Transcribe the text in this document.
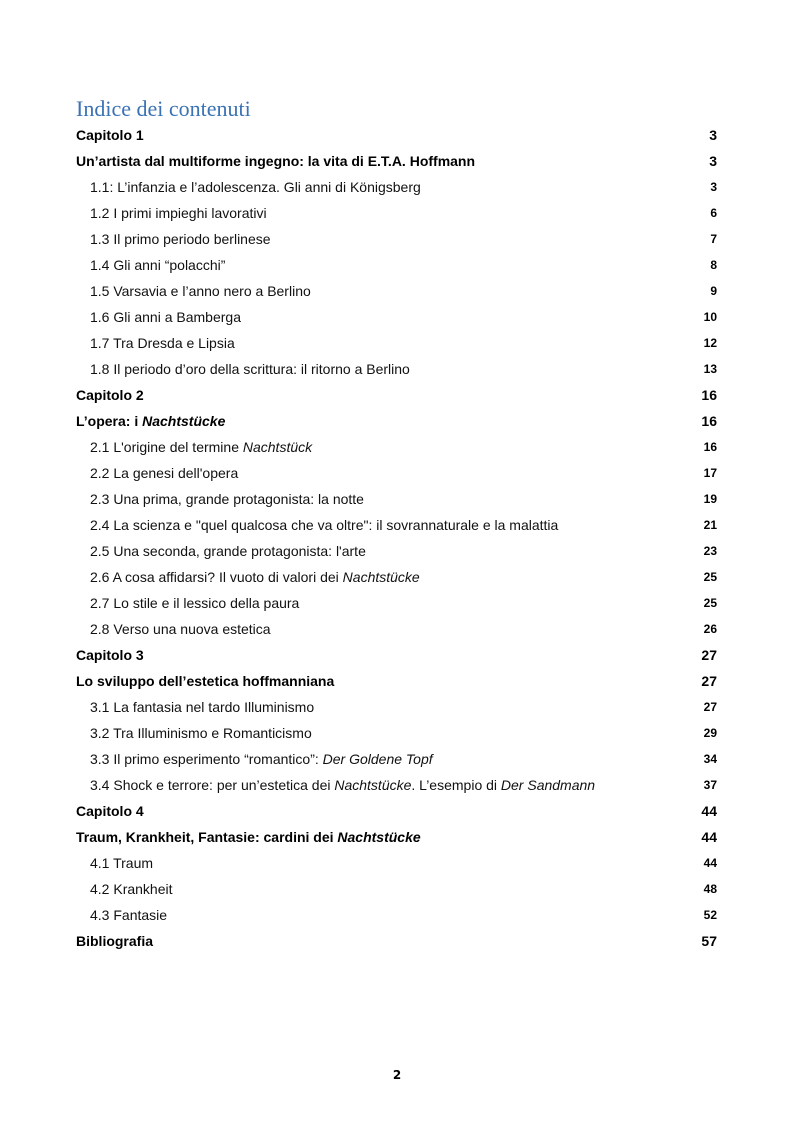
Indice dei contenuti
Capitolo 1	3
Un’artista dal multiforme ingegno: la vita di E.T.A. Hoffmann	3
1.1: L’infanzia e l’adolescenza. Gli anni di Königsberg	3
1.2 I primi impieghi lavorativi	6
1.3 Il primo periodo berlinese	7
1.4 Gli anni “polacchi”	8
1.5 Varsavia e l’anno nero a Berlino	9
1.6 Gli anni a Bamberga	10
1.7 Tra Dresda e Lipsia	12
1.8 Il periodo d’oro della scrittura: il ritorno a Berlino	13
Capitolo 2	16
L’opera: i Nachtstücke	16
2.1 L'origine del termine Nachtstück	16
2.2 La genesi dell'opera	17
2.3 Una prima, grande protagonista: la notte	19
2.4 La scienza e "quel qualcosa che va oltre": il sovrannaturale e la malattia	21
2.5 Una seconda, grande protagonista: l'arte	23
2.6 A cosa affidarsi? Il vuoto di valori dei Nachtstücke	25
2.7 Lo stile e il lessico della paura	25
2.8 Verso una nuova estetica	26
Capitolo 3	27
Lo sviluppo dell’estetica hoffmanniana	27
3.1 La fantasia nel tardo Illuminismo	27
3.2 Tra Illuminismo e Romanticismo	29
3.3 Il primo esperimento “romantico”: Der Goldene Topf	34
3.4 Shock e terrore: per un’estetica dei Nachtstücke. L’esempio di Der Sandmann	37
Capitolo 4	44
Traum, Krankheit, Fantasie: cardini dei Nachtstücke	44
4.1 Traum	44
4.2 Krankheit	48
4.3 Fantasie	52
Bibliografia	57
2
